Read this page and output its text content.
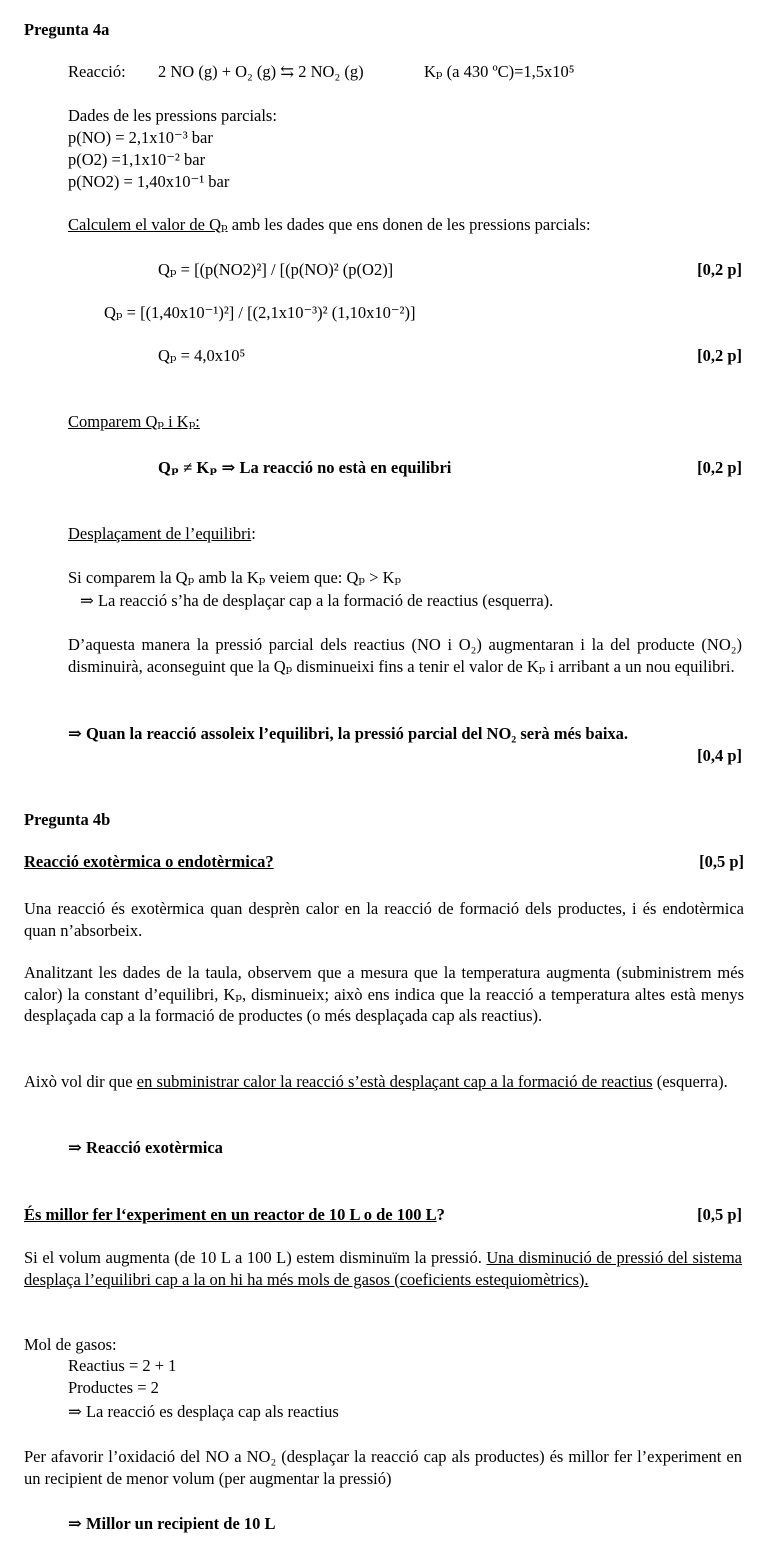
Pregunta 4a
Reacció: 2 NO (g) + O₂ (g) ⇆ 2 NO₂ (g)	Kₚ (a 430 ºC)=1,5x10⁵
Dades de les pressions parcials:
p(NO) = 2,1x10⁻³ bar
p(O2) =1,1x10⁻² bar
p(NO2) = 1,40x10⁻¹ bar
Calculem el valor de Qₚ amb les dades que ens donen de les pressions parcials:
Qₚ = [(p(NO2)²] / [(p(NO)² (p(O2)]	[0,2 p]
Qₚ = [(1,40x10⁻¹)²] / [(2,1x10⁻³)² (1,10x10⁻²)]
Qₚ = 4,0x10⁵	[0,2 p]
Comparem Qₚ i Kₚ:
Qₚ ≠ Kₚ ⇒ La reacció no està en equilibri	[0,2 p]
Desplaçament de l’equilibri:
Si comparem la Qₚ amb la Kₚ veiem que: Qₚ > Kₚ
⇒ La reacció s’ha de desplaçar cap a la formació de reactius (esquerra).
D’aquesta manera la pressió parcial dels reactius (NO i O₂) augmentaran i la del producte (NO₂) disminuirà, aconseguint que la Qₚ disminueixi fins a tenir el valor de Kₚ i arribant a un nou equilibri.
⇒ Quan la reacció assoleix l’equilibri, la pressió parcial del NO₂ serà més baixa.
[0,4 p]
Pregunta 4b
Reacció exotèrmica o endotèrmica?	[0,5 p]
Una reacció és exotèrmica quan desprèn calor en la reacció de formació dels productes, i és endotèrmica quan n’absorbeix.
Analitzant les dades de la taula, observem que a mesura que la temperatura augmenta (subministrem més calor) la constant d’equilibri, Kₚ, disminueix; això ens indica que la reacció a temperatura altes està menys desplaçada cap a la formació de productes (o més desplaçada cap als reactius).
Això vol dir que en subministrar calor la reacció s’està desplaçant cap a la formació de reactius (esquerra).
⇒ Reacció exotèrmica
És millor fer l‘experiment en un reactor de 10 L o de 100 L?	[0,5 p]
Si el volum augmenta (de 10 L a 100 L) estem disminuïm la pressió. Una disminució de pressió del sistema desplaça l’equilibri cap a la on hi ha més mols de gasos (coeficients estequiomètrics).
Mol de gasos:
Reactius = 2 + 1
Productes = 2
⇒ La reacció es desplaça cap als reactius
Per afavorir l’oxidació del NO a NO₂ (desplaçar la reacció cap als productes) és millor fer l’experiment en un recipient de menor volum (per augmentar la pressió)
⇒ Millor un recipient de 10 L
